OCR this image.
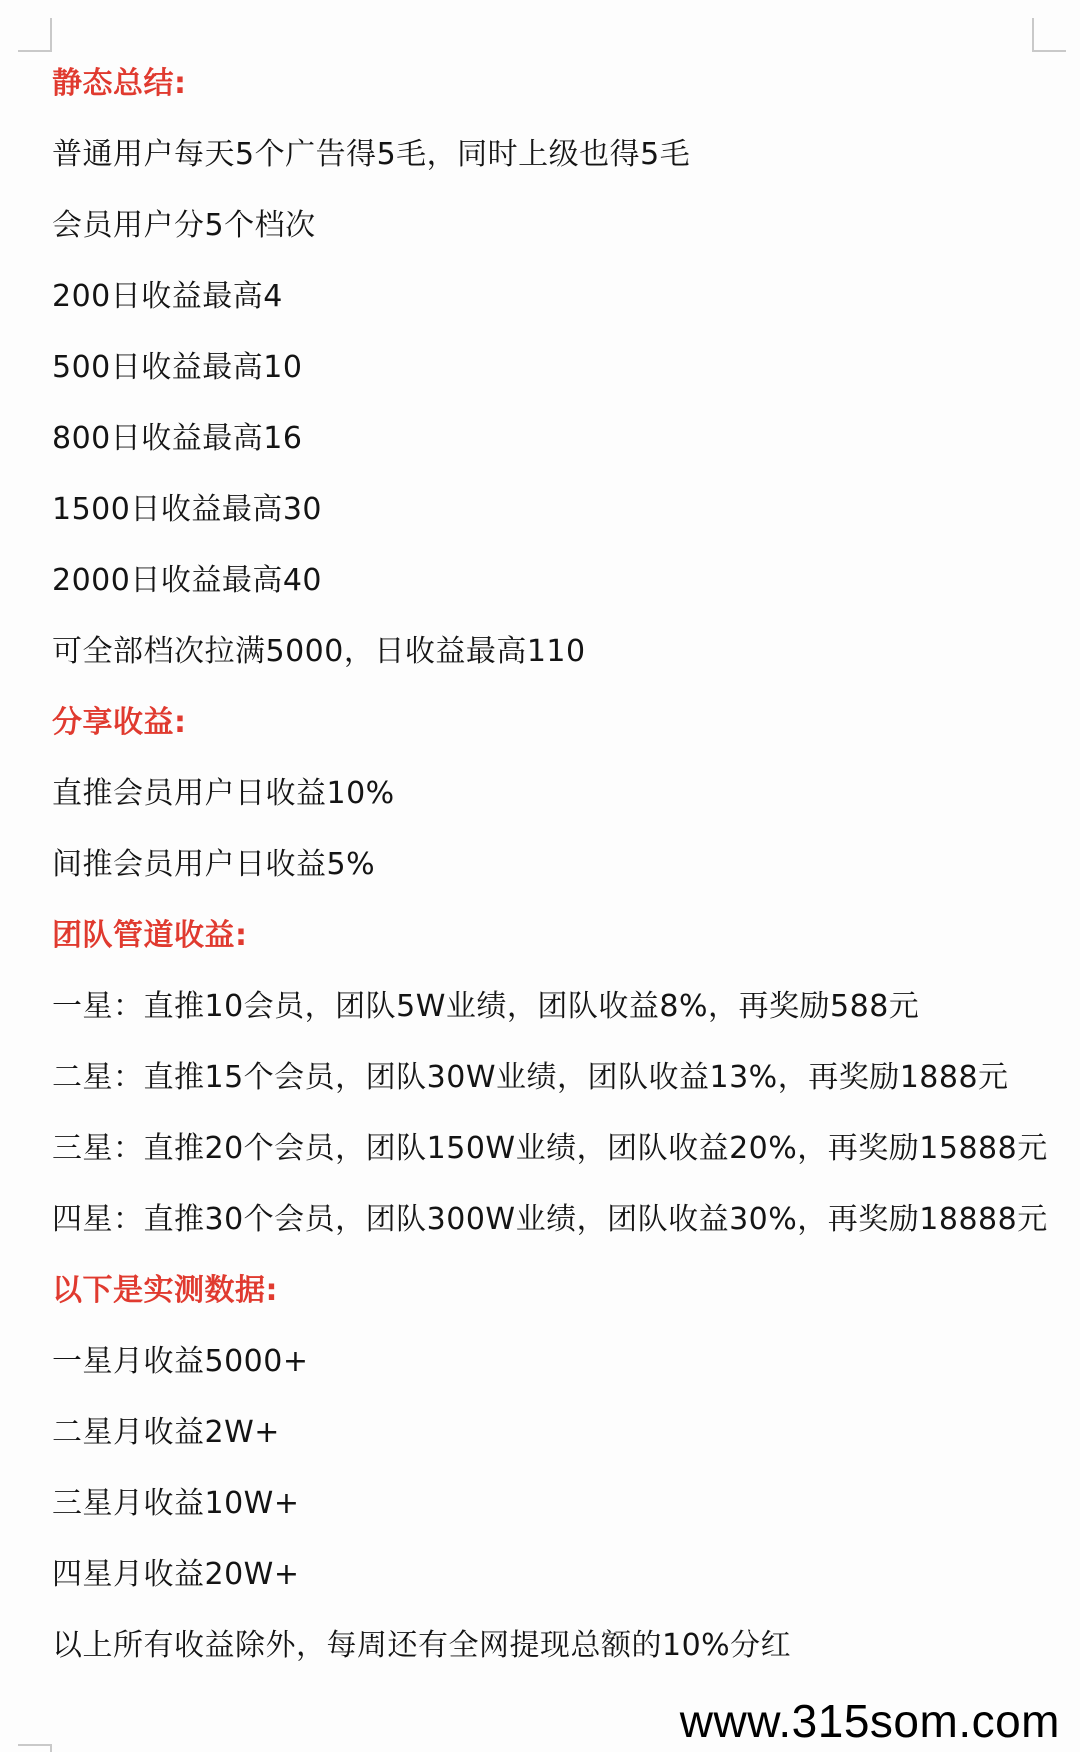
静态总结:
普通用户每天5个广告得5毛，同时上级也得5毛
会员用户分5个档次
200日收益最高4
500日收益最高10
800日收益最高16
1500日收益最高30
2000日收益最高40
可全部档次拉满5000，日收益最高110
分享收益:
直推会员用户日收益10%
间推会员用户日收益5%
团队管道收益:
一星：直推10会员，团队5W业绩，团队收益8%，再奖励588元
二星：直推15个会员，团队30W业绩，团队收益13%，再奖励1888元
三星：直推20个会员，团队150W业绩，团队收益20%，再奖励15888元
四星：直推30个会员，团队300W业绩，团队收益30%，再奖励18888元
以下是实测数据:
一星月收益5000+
二星月收益2W+
三星月收益10W+
四星月收益20W+
以上所有收益除外，每周还有全网提现总额的10%分红
www.315som.com
